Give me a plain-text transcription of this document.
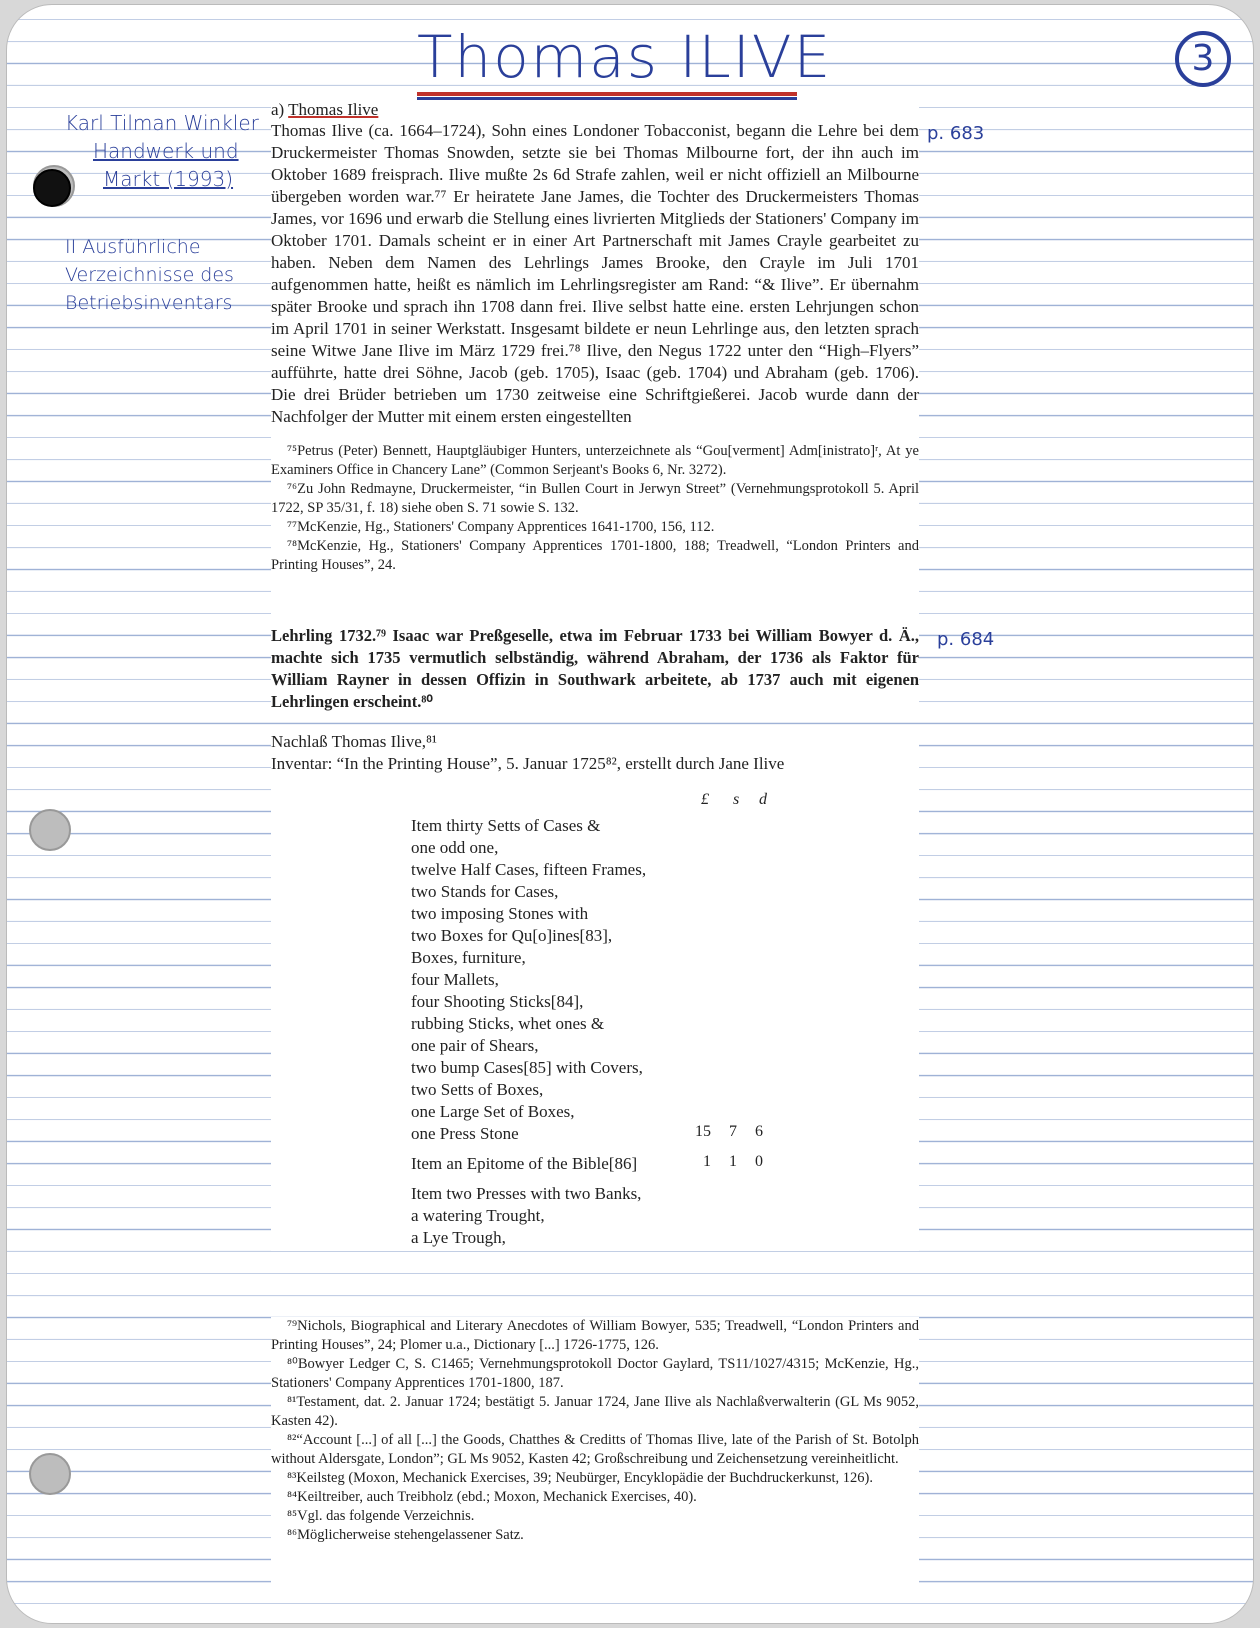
Thomas ILIVE	3
Karl Tilman Winkler
Handwerk und
Markt (1993)
II Ausführliche
Verzeichnisse des
Betriebsinventars
p. 683
p. 684
a) Thomas Ilive
Thomas Ilive (ca. 1664–1724), Sohn eines Londoner Tobacconist, begann die Lehre bei dem Druckermeister Thomas Snowden, setzte sie bei Thomas Milbourne fort, der ihn auch im Oktober 1689 freisprach. Ilive mußte 2s 6d Strafe zahlen, weil er nicht offiziell an Milbourne übergeben worden war.⁷⁷ Er heiratete Jane James, die Tochter des Druckermeisters Thomas James, vor 1696 und erwarb die Stellung eines livrierten Mitglieds der Stationers' Company im Oktober 1701. Damals scheint er in einer Art Partnerschaft mit James Crayle gearbeitet zu haben. Neben dem Namen des Lehrlings James Brooke, den Crayle im Juli 1701 aufgenommen hatte, heißt es nämlich im Lehrlingsregister am Rand: “& Ilive”. Er übernahm später Brooke und sprach ihn 1708 dann frei. Ilive selbst hatte eine. ersten Lehrjungen schon im April 1701 in seiner Werkstatt. Insgesamt bildete er neun Lehrlinge aus, den letzten sprach seine Witwe Jane Ilive im März 1729 frei.⁷⁸ Ilive, den Negus 1722 unter den “High–Flyers” aufführte, hatte drei Söhne, Jacob (geb. 1705), Isaac (geb. 1704) und Abraham (geb. 1706). Die drei Brüder betrieben um 1730 zeitweise eine Schriftgießerei. Jacob wurde dann der Nachfolger der Mutter mit einem ersten eingestellten

⁷⁵Petrus (Peter) Bennett, Hauptgläubiger Hunters, unterzeichnete als “Gou[verment] Adm[inistrato]ʳ, At ye Examiners Office in Chancery Lane” (Common Serjeant's Books 6, Nr. 3272).

⁷⁶Zu John Redmayne, Druckermeister, “in Bullen Court in Jerwyn Street” (Vernehmungsprotokoll 5. April 1722, SP 35/31, f. 18) siehe oben S. 71 sowie S. 132.

⁷⁷McKenzie, Hg., Stationers' Company Apprentices 1641-1700, 156, 112.

⁷⁸McKenzie, Hg., Stationers' Company Apprentices 1701-1800, 188; Treadwell, “London Printers and Printing Houses”, 24.

Lehrling 1732.⁷⁹ Isaac war Preßgeselle, etwa im Februar 1733 bei William Bowyer d. Ä., machte sich 1735 vermutlich selbständig, während Abraham, der 1736 als Faktor für William Rayner in dessen Offizin in Southwark arbeitete, ab 1737 auch mit eigenen Lehrlingen erscheint.⁸⁰
Nachlaß Thomas Ilive,⁸¹
Inventar: “In the Printing House”, 5. Januar 1725⁸², erstellt durch Jane Ilive
£ s d
Item thirty Setts of Cases &
one odd one,
twelve Half Cases, fifteen Frames,
two Stands for Cases,
two imposing Stones with
two Boxes for Qu[o]ines[83],
Boxes, furniture,
four Mallets,
four Shooting Sticks[84],
rubbing Sticks, whet ones &
one pair of Shears,
two bump Cases[85] with Covers,
two Setts of Boxes,
one Large Set of Boxes,
one Press Stone	15	7	6
Item an Epitome of the Bible[86]	1	1	0
Item two Presses with two Banks,
a watering Trought,
a Lye Trough,

⁷⁹Nichols, Biographical and Literary Anecdotes of William Bowyer, 535; Treadwell, “London Printers and Printing Houses”, 24; Plomer u.a., Dictionary [...] 1726-1775, 126.

⁸⁰Bowyer Ledger C, S. C1465; Vernehmungsprotokoll Doctor Gaylard, TS11/1027/4315; McKenzie, Hg., Stationers' Company Apprentices 1701-1800, 187.

⁸¹Testament, dat. 2. Januar 1724; bestätigt 5. Januar 1724, Jane Ilive als Nachlaßverwalterin (GL Ms 9052, Kasten 42).

⁸²“Account [...] of all [...] the Goods, Chatthes & Creditts of Thomas Ilive, late of the Parish of St. Botolph without Aldersgate, London”; GL Ms 9052, Kasten 42; Großschreibung und Zeichensetzung vereinheitlicht.

⁸³Keilsteg (Moxon, Mechanick Exercises, 39; Neubürger, Encyklopädie der Buchdruckerkunst, 126).

⁸⁴Keiltreiber, auch Treibholz (ebd.; Moxon, Mechanick Exercises, 40).

⁸⁵Vgl. das folgende Verzeichnis.

⁸⁶Möglicherweise stehengelassener Satz.
